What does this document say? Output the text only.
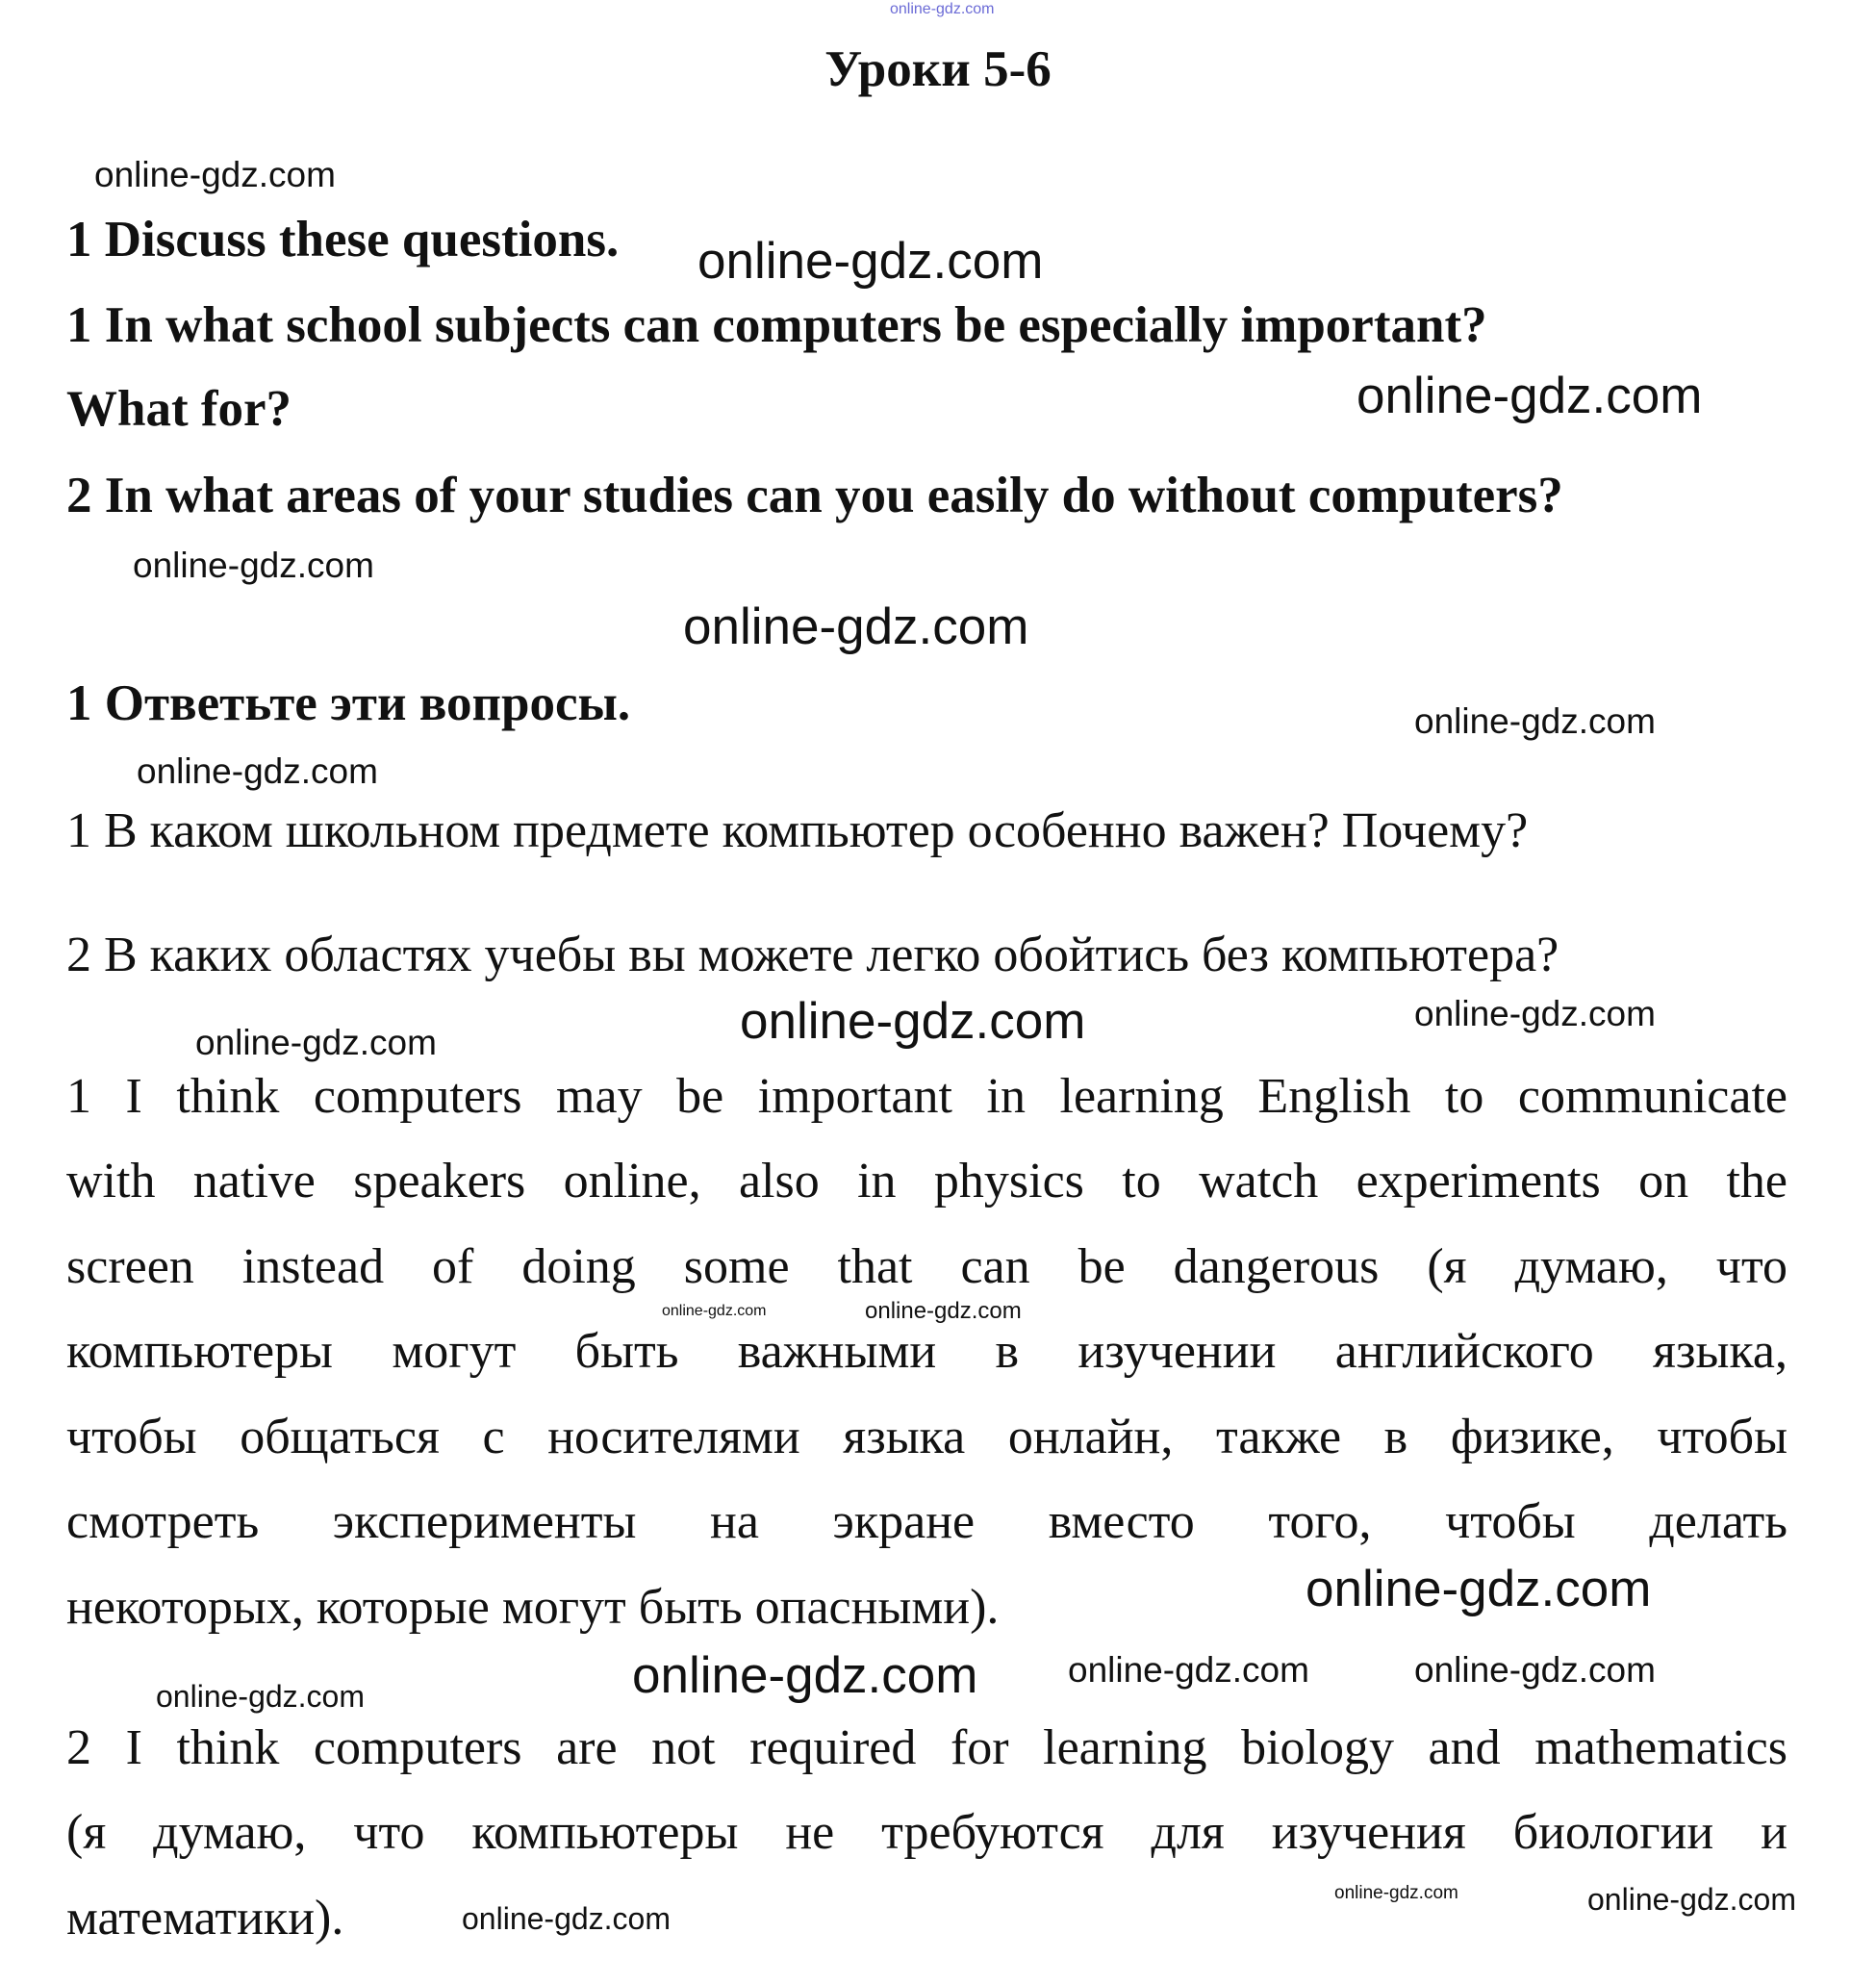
online-gdz.com
Уроки 5-6
1 Discuss these questions.
1 In what school subjects can computers be especially important?
What for?
2 In what areas of your studies can you easily do without computers?
1 Ответьте эти вопросы.
1 В каком школьном предмете компьютер особенно важен? Почему?
2 В каких областях учебы вы можете легко обойтись без компьютера?
1 I think computers may be important in learning English to communicate
with native speakers online, also in physics to watch experiments on the
screen instead of doing some that can be dangerous (я думаю, что
компьютеры могут быть важными в изучении английского языка,
чтобы общаться с носителями языка онлайн, также в физике, чтобы
смотреть эксперименты на экране вместо того, чтобы делать
некоторых, которые могут быть опасными).
2 I think computers are not required for learning biology and mathematics
(я думаю, что компьютеры не требуются для изучения биологии и
математики).
online-gdz.com
online-gdz.com
online-gdz.com
online-gdz.com
online-gdz.com
online-gdz.com
online-gdz.com
online-gdz.com
online-gdz.com
online-gdz.com
online-gdz.com
online-gdz.com
online-gdz.com	online-gdz.com
online-gdz.com
online-gdz.com
online-gdz.com
online-gdz.com
online-gdz.com	online-gdz.com
